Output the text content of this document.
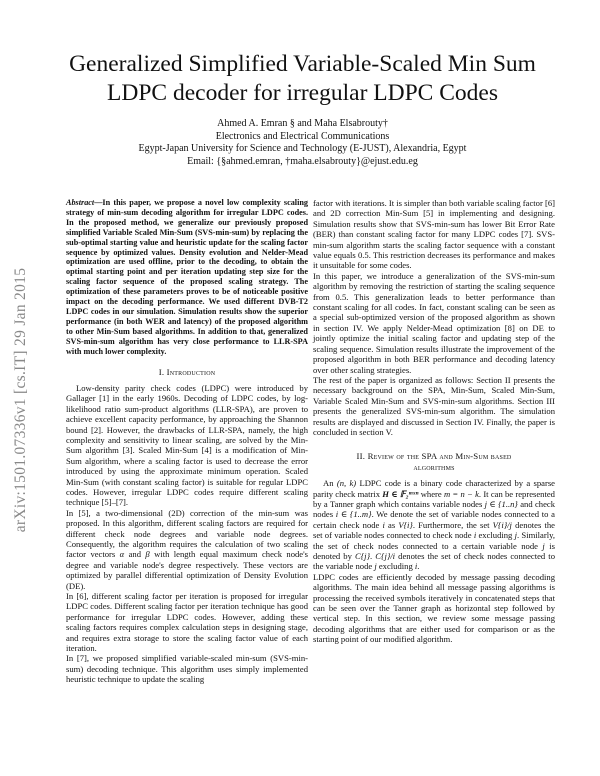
arXiv:1501.07336v1 [cs.IT] 29 Jan 2015
Generalized Simplified Variable-Scaled Min Sum
LDPC decoder for irregular LDPC Codes
Ahmed A. Emran § and Maha Elsabrouty†
Electronics and Electrical Communications
Egypt-Japan University for Science and Technology (E-JUST), Alexandria, Egypt
Email: {§ahmed.emran, †maha.elsabrouty}@ejust.edu.eg

Abstract—In this paper, we propose a novel low complexity scaling strategy of min-sum decoding algorithm for irregular LDPC codes. In the proposed method, we generalize our previously proposed simplified Variable Scaled Min-Sum (SVS-min-sum) by replacing the sub-optimal starting value and heuristic update for the scaling factor sequence by optimized values. Density evolution and Nelder-Mead optimization are used offline, prior to the decoding, to obtain the optimal starting point and per iteration updating step size for the scaling factor sequence of the proposed scaling strategy. The optimization of these parameters proves to be of noticeable positive impact on the decoding performance. We used different DVB-T2 LDPC codes in our simulation. Simulation results show the superior performance (in both WER and latency) of the proposed algorithm to other Min-Sum based algorithms. In addition to that, generalized SVS-min-sum algorithm has very close performance to LLR-SPA with much lower complexity.

I. Introduction

Low-density parity check codes (LDPC) were introduced by Gallager [1] in the early 1960s. Decoding of LDPC codes, by log-likelihood ratio sum-product algorithms (LLR-SPA), are proven to achieve excellent capacity performance, by approaching the Shannon bound [2]. However, the drawbacks of LLR-SPA, namely, the high complexity and sensitivity to linear scaling, are solved by the Min-Sum algorithm [3]. Scaled Min-Sum [4] is a modification of Min-Sum algorithm, where a scaling factor is used to decrease the error introduced by using the approximate minimum operation. Scaled Min-Sum (with constant scaling factor) is suitable for regular LDPC codes. However, irregular LDPC codes require different scaling technique [5]–[7].

In [5], a two-dimensional (2D) correction of the min-sum was proposed. In this algorithm, different scaling factors are required for different check node degrees and variable node degrees. Consequently, the algorithm requires the calculation of two scaling factor vectors α and β with length equal maximum check node's degree and variable node's degree respectively. These vectors are optimized by parallel differential optimization of Density Evolution (DE).

In [6], different scaling factor per iteration is proposed for irregular LDPC codes. Different scaling factor per iteration technique has good performance for irregular LDPC codes. However, adding these scaling factors requires complex calculation steps in designing stage, and requires extra storage to store the scaling factor value of each iteration.

In [7], we proposed simplified variable-scaled min-sum (SVS-min-sum) decoding technique. This algorithm uses simply implemented heuristic technique to update the scaling

factor with iterations. It is simpler than both variable scaling factor [6] and 2D correction Min-Sum [5] in implementing and designing. Simulation results show that SVS-min-sum has lower Bit Error Rate (BER) than constant scaling factor for many LDPC codes [7]. SVS-min-sum algorithm starts the scaling factor sequence with a constant value equals 0.5. This restriction decreases its performance and makes it unsuitable for some codes.

In this paper, we introduce a generalization of the SVS-min-sum algorithm by removing the restriction of starting the scaling sequence from 0.5. This generalization leads to better performance than constant scaling for all codes. In fact, constant scaling can be seen as a special sub-optimized version of the proposed algorithm as shown in section IV. We apply Nelder-Mead optimization [8] on DE to jointly optimize the initial scaling factor and updating step of the scaling sequence. Simulation results illustrate the improvement of the proposed algorithm in both BER performance and decoding latency over other scaling strategies.

The rest of the paper is organized as follows: Section II presents the necessary background on the SPA, Min-Sum, Scaled Min-Sum, Variable Scaled Min-Sum and SVS-min-sum algorithms. Section III presents the generalized SVS-min-sum algorithm. The simulation results are displayed and discussed in Section IV. Finally, the paper is concluded in section V.

II. Review of the SPA and Min-Sum based
algorithms

An (n, k) LDPC code is a binary code characterized by a sparse parity check matrix H ∈ 𝔽₂ᵐˣⁿ where m = n − k. It can be represented by a Tanner graph which contains variable nodes j ∈ {1..n} and check nodes i ∈ {1..m}. We denote the set of variable nodes connected to a certain check node i as V{i}. Furthermore, the set V{i}/j denotes the set of variable nodes connected to check node i excluding j. Similarly, the set of check nodes connected to a certain variable node j is denoted by C{j}. C{j}/i denotes the set of check nodes connected to the variable node j excluding i.

LDPC codes are efficiently decoded by message passing decoding algorithms. The main idea behind all message passing algorithms is processing the received symbols iteratively in concatenated steps that can be seen over the Tanner graph as horizontal step followed by vertical step. In this section, we review some message passing decoding algorithms that are either used for comparison or as the starting point of our modified algorithm.
